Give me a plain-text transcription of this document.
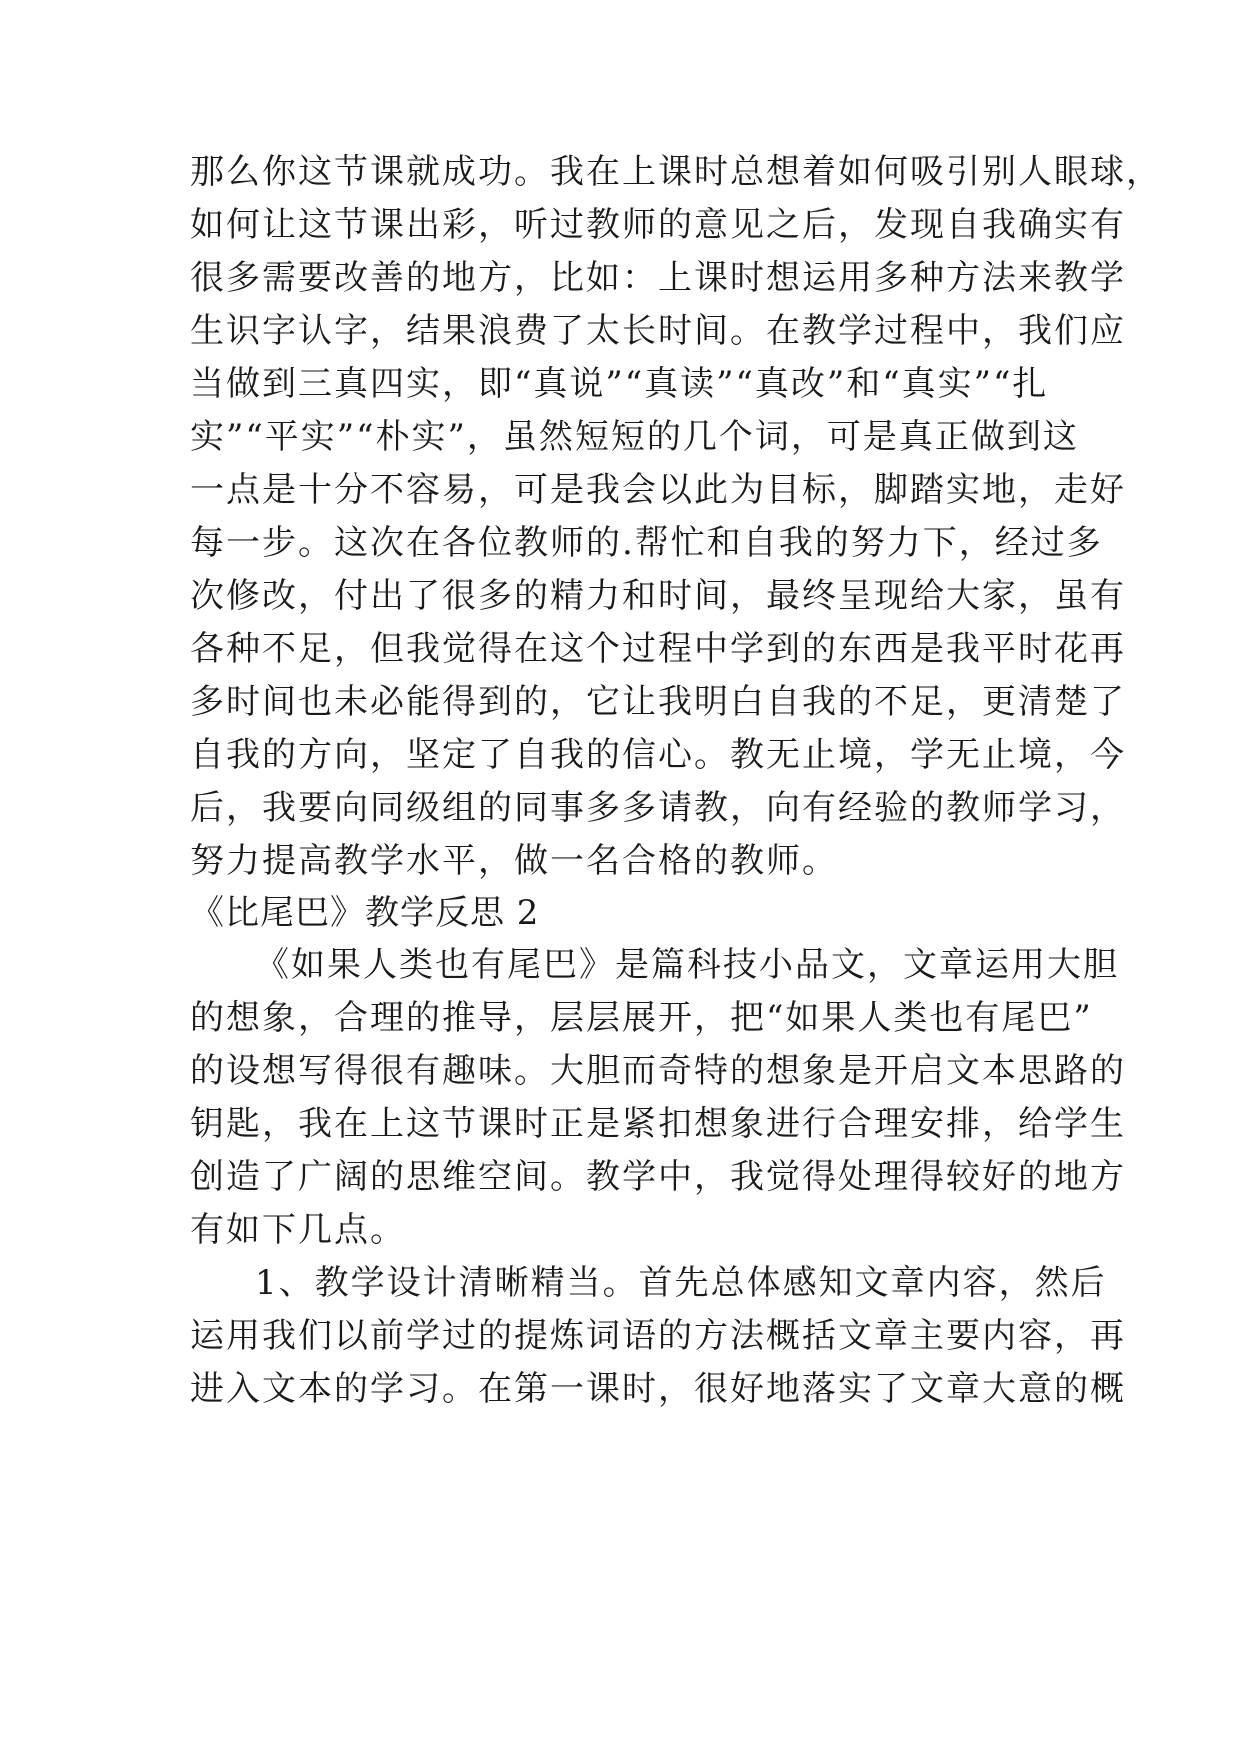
那么你这节课就成功。我在上课时总想着如何吸引别人眼球，
如何让这节课出彩，听过教师的意见之后，发现自我确实有
很多需要改善的地方，比如：上课时想运用多种方法来教学
生识字认字，结果浪费了太长时间。在教学过程中，我们应
当做到三真四实，即“真说”“真读”“真改”和“真实”“扎
实”“平实”“朴实”，虽然短短的几个词，可是真正做到这
一点是十分不容易，可是我会以此为目标，脚踏实地，走好
每一步。这次在各位教师的.帮忙和自我的努力下，经过多
次修改，付出了很多的精力和时间，最终呈现给大家，虽有
各种不足，但我觉得在这个过程中学到的东西是我平时花再
多时间也未必能得到的，它让我明白自我的不足，更清楚了
自我的方向，坚定了自我的信心。教无止境，学无止境，今
后，我要向同级组的同事多多请教，向有经验的教师学习，
努力提高教学水平，做一名合格的教师。
《比尾巴》教学反思 2
《如果人类也有尾巴》是篇科技小品文，文章运用大胆
的想象，合理的推导，层层展开，把“如果人类也有尾巴”
的设想写得很有趣味。大胆而奇特的想象是开启文本思路的
钥匙，我在上这节课时正是紧扣想象进行合理安排，给学生
创造了广阔的思维空间。教学中，我觉得处理得较好的地方
有如下几点。
1、教学设计清晰精当。首先总体感知文章内容，然后
运用我们以前学过的提炼词语的方法概括文章主要内容，再
进入文本的学习。在第一课时，很好地落实了文章大意的概
